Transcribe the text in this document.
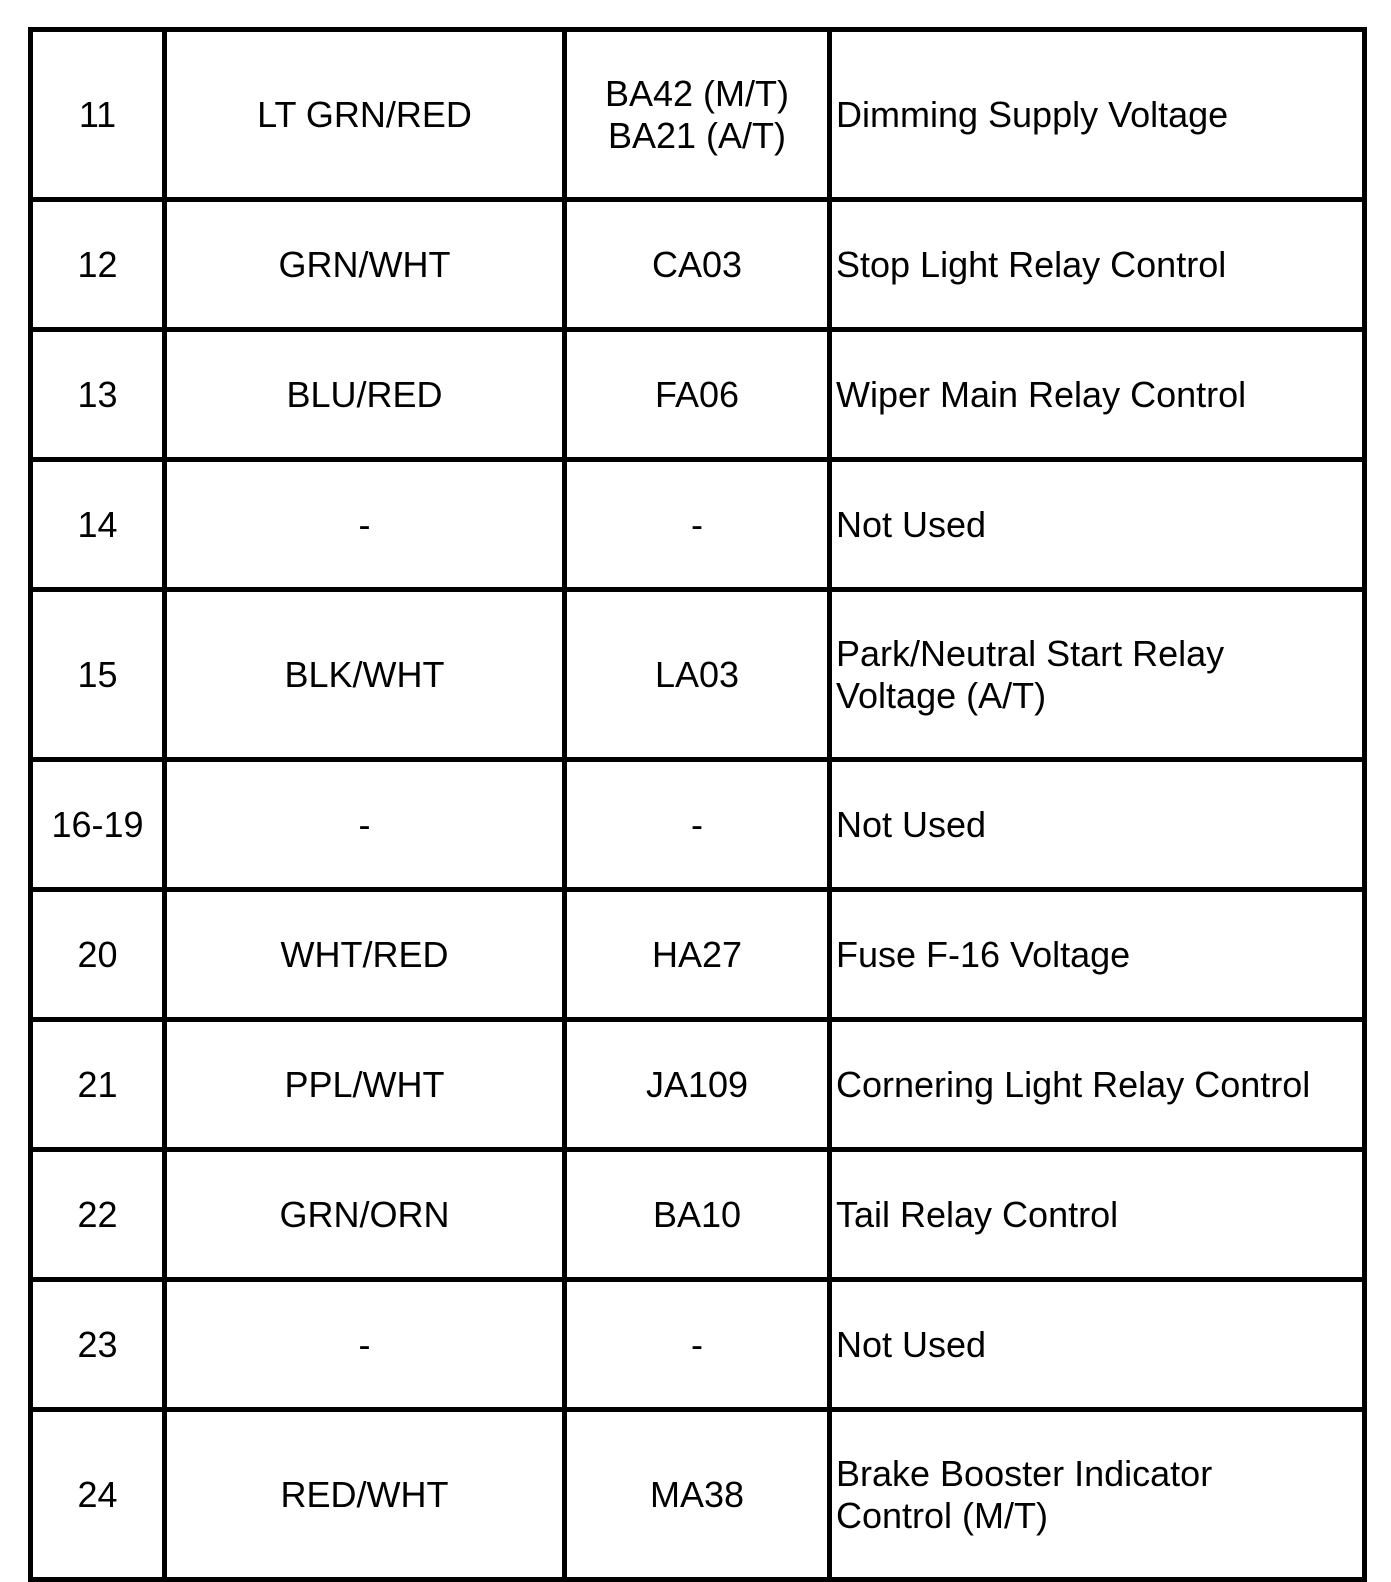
11	LT GRN/RED	BA42 (M/T)
BA21 (A/T)	Dimming Supply Voltage

12	GRN/WHT	CA03	Stop Light Relay Control

13	BLU/RED	FA06	Wiper Main Relay Control

14	-	-	Not Used

15	BLK/WHT	LA03	Park/Neutral Start Relay
Voltage (A/T)

16-19	-	-	Not Used

20	WHT/RED	HA27	Fuse F-16 Voltage

21	PPL/WHT	JA109	Cornering Light Relay Control

22	GRN/ORN	BA10	Tail Relay Control

23	-	-	Not Used

24	RED/WHT	MA38	Brake Booster Indicator
Control (M/T)
